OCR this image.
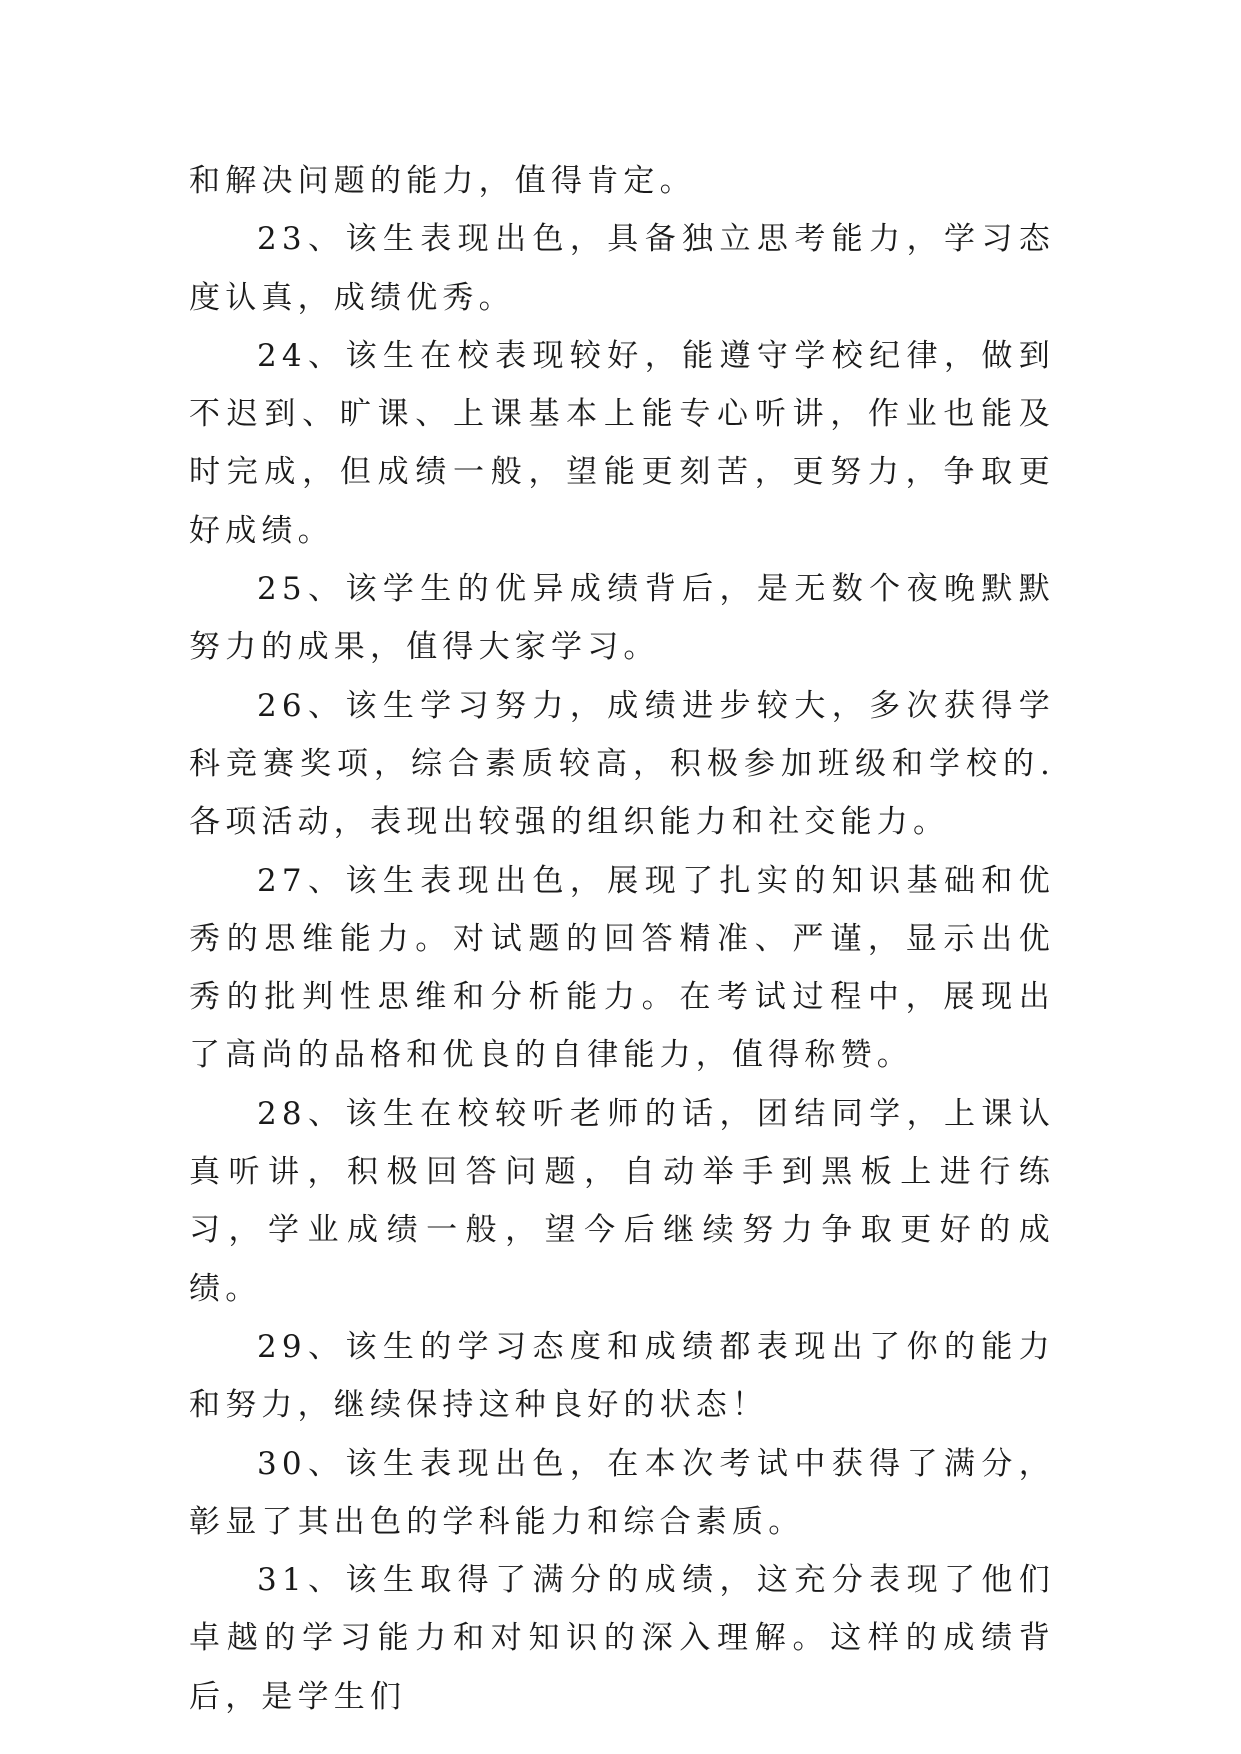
和解决问题的能力，值得肯定。

23、该生表现出色，具备独立思考能力，学习态度认真，成绩优秀。

24、该生在校表现较好，能遵守学校纪律，做到不迟到、旷课、上课基本上能专心听讲，作业也能及时完成，但成绩一般，望能更刻苦，更努力，争取更好成绩。

25、该学生的优异成绩背后，是无数个夜晚默默努力的成果，值得大家学习。

26、该生学习努力，成绩进步较大，多次获得学科竞赛奖项，综合素质较高，积极参加班级和学校的.各项活动，表现出较强的组织能力和社交能力。

27、该生表现出色，展现了扎实的知识基础和优秀的思维能力。对试题的回答精准、严谨，显示出优秀的批判性思维和分析能力。在考试过程中，展现出了高尚的品格和优良的自律能力，值得称赞。

28、该生在校较听老师的话，团结同学，上课认真听讲，积极回答问题，自动举手到黑板上进行练习，学业成绩一般，望今后继续努力争取更好的成绩。

29、该生的学习态度和成绩都表现出了你的能力和努力，继续保持这种良好的状态！

30、该生表现出色，在本次考试中获得了满分，彰显了其出色的学科能力和综合素质。

31、该生取得了满分的成绩，这充分表现了他们卓越的学习能力和对知识的深入理解。这样的成绩背后，是学生们
